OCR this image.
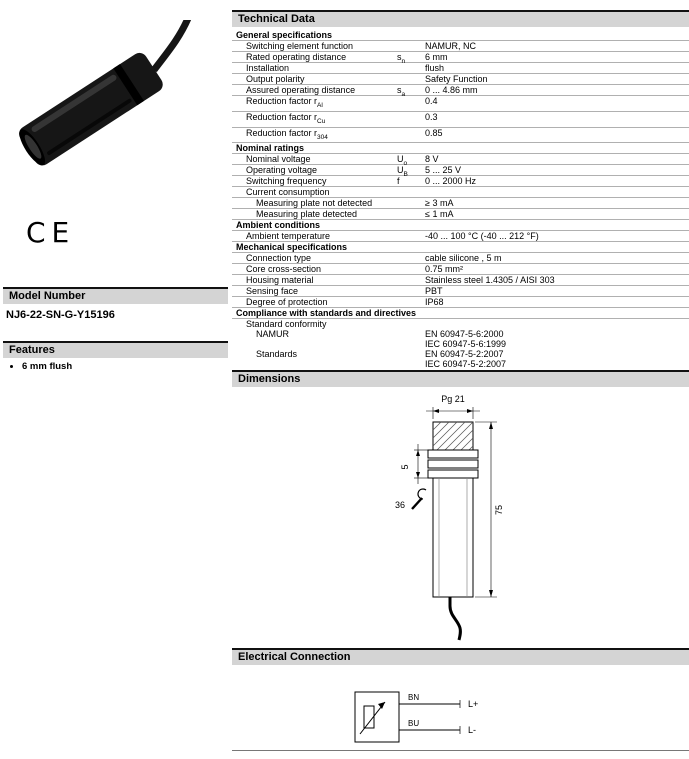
CE
Model Number
NJ6-22-SN-G-Y15196
Features
• 6 mm flush
Technical Data
General specifications
Switching element function	NAMUR, NC
Rated operating distance	$s_n$ 6 mm
Installation	flush
Output polarity	Safety Function
Assured operating distance	$s_a$ 0 ... 4.86 mm
Reduction factor $r_{Al}$	0.4
Reduction factor $r_{Cu}$	0.3
Reduction factor $r_{304}$	0.85
Nominal ratings
Nominal voltage	$U_o$ 8 V
Operating voltage	$U_B$ 5 ... 25 V
Switching frequency	f	0 ... 2000 Hz
Current consumption
Measuring plate not detected	≥ 3 mA
Measuring plate detected	≤ 1 mA
Ambient conditions
Ambient temperature	-40 ... 100 °C (-40 ... 212 °F)
Mechanical specifications
Connection type	cable silicone , 5 m
Core cross-section	0.75 mm²
Housing material	Stainless steel 1.4305 / AISI 303
Sensing face	PBT
Degree of protection	IP68
Compliance with standards and directives
Standard conformity
NAMUR	EN 60947-5-6:2000
IEC 60947-5-6:1999
Standards	EN 60947-5-2:2007
IEC 60947-5-2:2007
Dimensions
Pg 21
5
36	75
Electrical Connection
BN
BU
L+
L-
